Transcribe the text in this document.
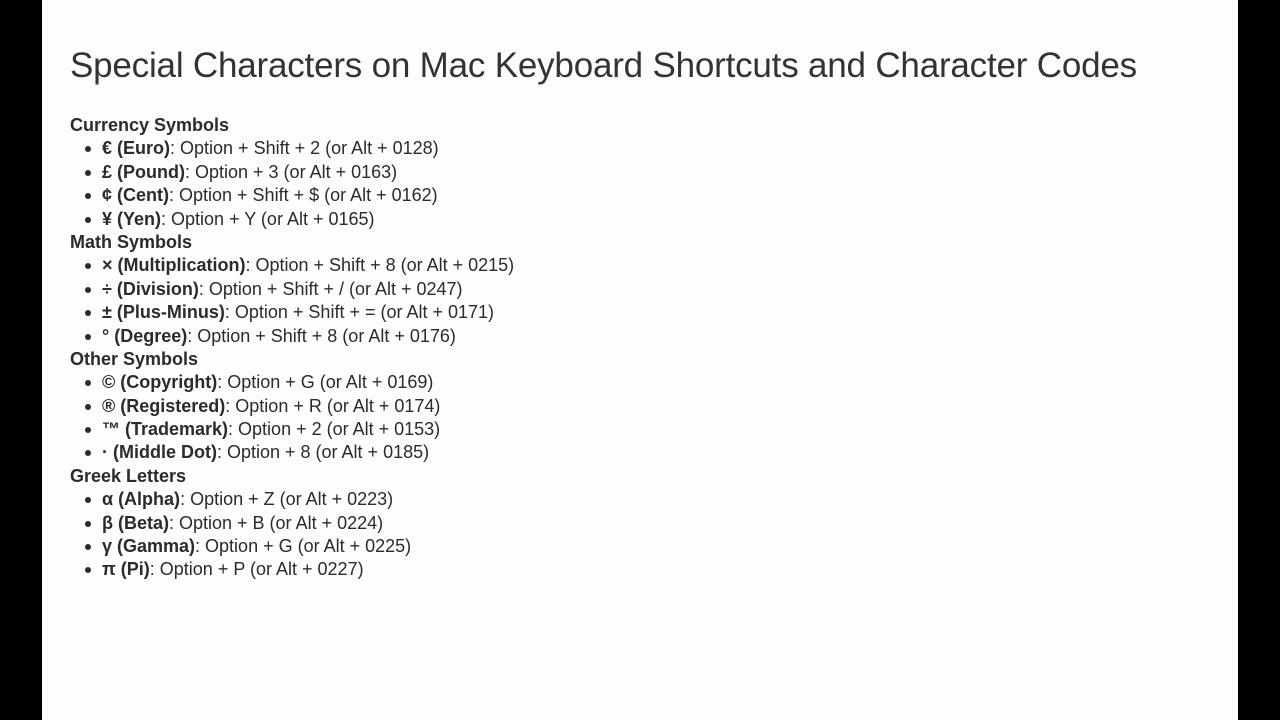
Special Characters on Mac Keyboard Shortcuts and Character Codes
Currency Symbols
€ (Euro): Option + Shift + 2 (or Alt + 0128)
£ (Pound): Option + 3 (or Alt + 0163)
¢ (Cent): Option + Shift + $ (or Alt + 0162)
¥ (Yen): Option + Y (or Alt + 0165)
Math Symbols
× (Multiplication): Option + Shift + 8 (or Alt + 0215)
÷ (Division): Option + Shift + / (or Alt + 0247)
± (Plus-Minus): Option + Shift + = (or Alt + 0171)
° (Degree): Option + Shift + 8 (or Alt + 0176)
Other Symbols
© (Copyright): Option + G (or Alt + 0169)
® (Registered): Option + R (or Alt + 0174)
™ (Trademark): Option + 2 (or Alt + 0153)
· (Middle Dot): Option + 8 (or Alt + 0185)
Greek Letters
α (Alpha): Option + Z (or Alt + 0223)
β (Beta): Option + B (or Alt + 0224)
γ (Gamma): Option + G (or Alt + 0225)
π (Pi): Option + P (or Alt + 0227)
